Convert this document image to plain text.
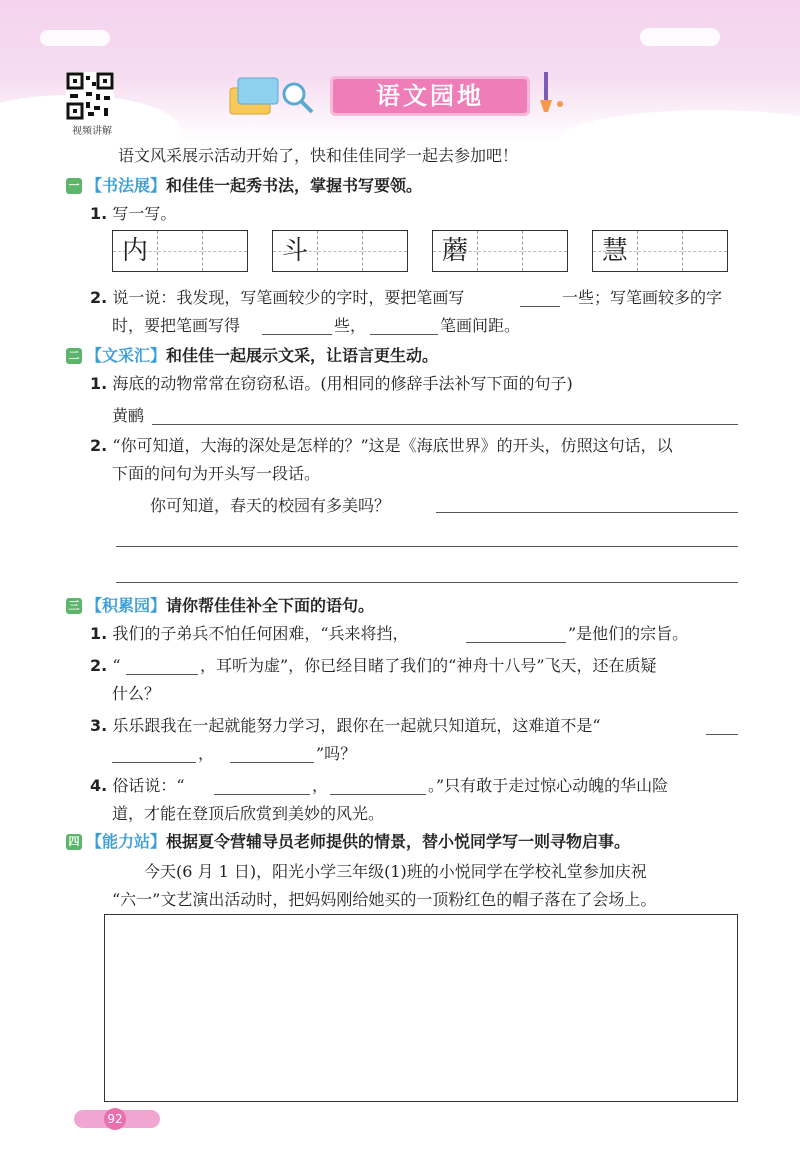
视频讲解
语文园地
语文风采展示活动开始了，快和佳佳同学一起去参加吧！
一 【书法展】和佳佳一起秀书法，掌握书写要领。
1. 写一写。
内	斗	蘑	慧
2. 说一说：我发现，写笔画较少的字时，要把笔画写	一些；写笔画较多的字
时，要把笔画写得	些，	笔画间距。
二 【文采汇】和佳佳一起展示文采，让语言更生动。
1. 海底的动物常常在窃窃私语。(用相同的修辞手法补写下面的句子)
黄鹂
2. “你可知道，大海的深处是怎样的？”这是《海底世界》的开头，仿照这句话，以
下面的问句为开头写一段话。
你可知道，春天的校园有多美吗？
三 【积累园】请你帮佳佳补全下面的语句。
1. 我们的子弟兵不怕任何困难，“兵来将挡，	”是他们的宗旨。
2. “	，耳听为虚”，你已经目睹了我们的“神舟十八号”飞天，还在质疑
什么？
3. 乐乐跟我在一起就能努力学习，跟你在一起就只知道玩，这难道不是“
，	”吗？
4. 俗话说：“	，	。”只有敢于走过惊心动魄的华山险
道，才能在登顶后欣赏到美妙的风光。
四 【能力站】根据夏令营辅导员老师提供的情景，替小悦同学写一则寻物启事。
今天(6 月 1 日)，阳光小学三年级(1)班的小悦同学在学校礼堂参加庆祝
“六一”文艺演出活动时，把妈妈刚给她买的一顶粉红色的帽子落在了会场上。
92
